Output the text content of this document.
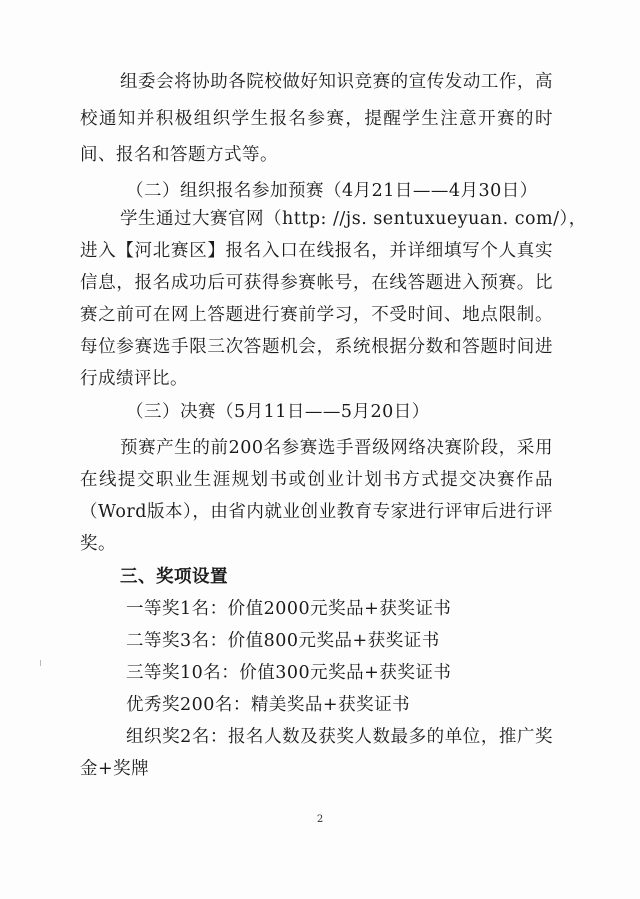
组委会将协助各院校做好知识竞赛的宣传发动工作，高
校通知并积极组织学生报名参赛，提醒学生注意开赛的时
间、报名和答题方式等。
（二）组织报名参加预赛（4月21日——4月30日）
学生通过大赛官网（http: //js. sentuxueyuan. com/），
进入【河北赛区】报名入口在线报名，并详细填写个人真实
信息，报名成功后可获得参赛帐号，在线答题进入预赛。比
赛之前可在网上答题进行赛前学习，不受时间、地点限制。
每位参赛选手限三次答题机会，系统根据分数和答题时间进
行成绩评比。
（三）决赛（5月11日——5月20日）
预赛产生的前200名参赛选手晋级网络决赛阶段，采用
在线提交职业生涯规划书或创业计划书方式提交决赛作品
（Word版本），由省内就业创业教育专家进行评审后进行评
奖。
三、奖项设置
一等奖1名：价值2000元奖品+获奖证书
二等奖3名：价值800元奖品+获奖证书
三等奖10名：价值300元奖品+获奖证书
优秀奖200名：精美奖品+获奖证书
组织奖2名：报名人数及获奖人数最多的单位，推广奖
金+奖牌
2
